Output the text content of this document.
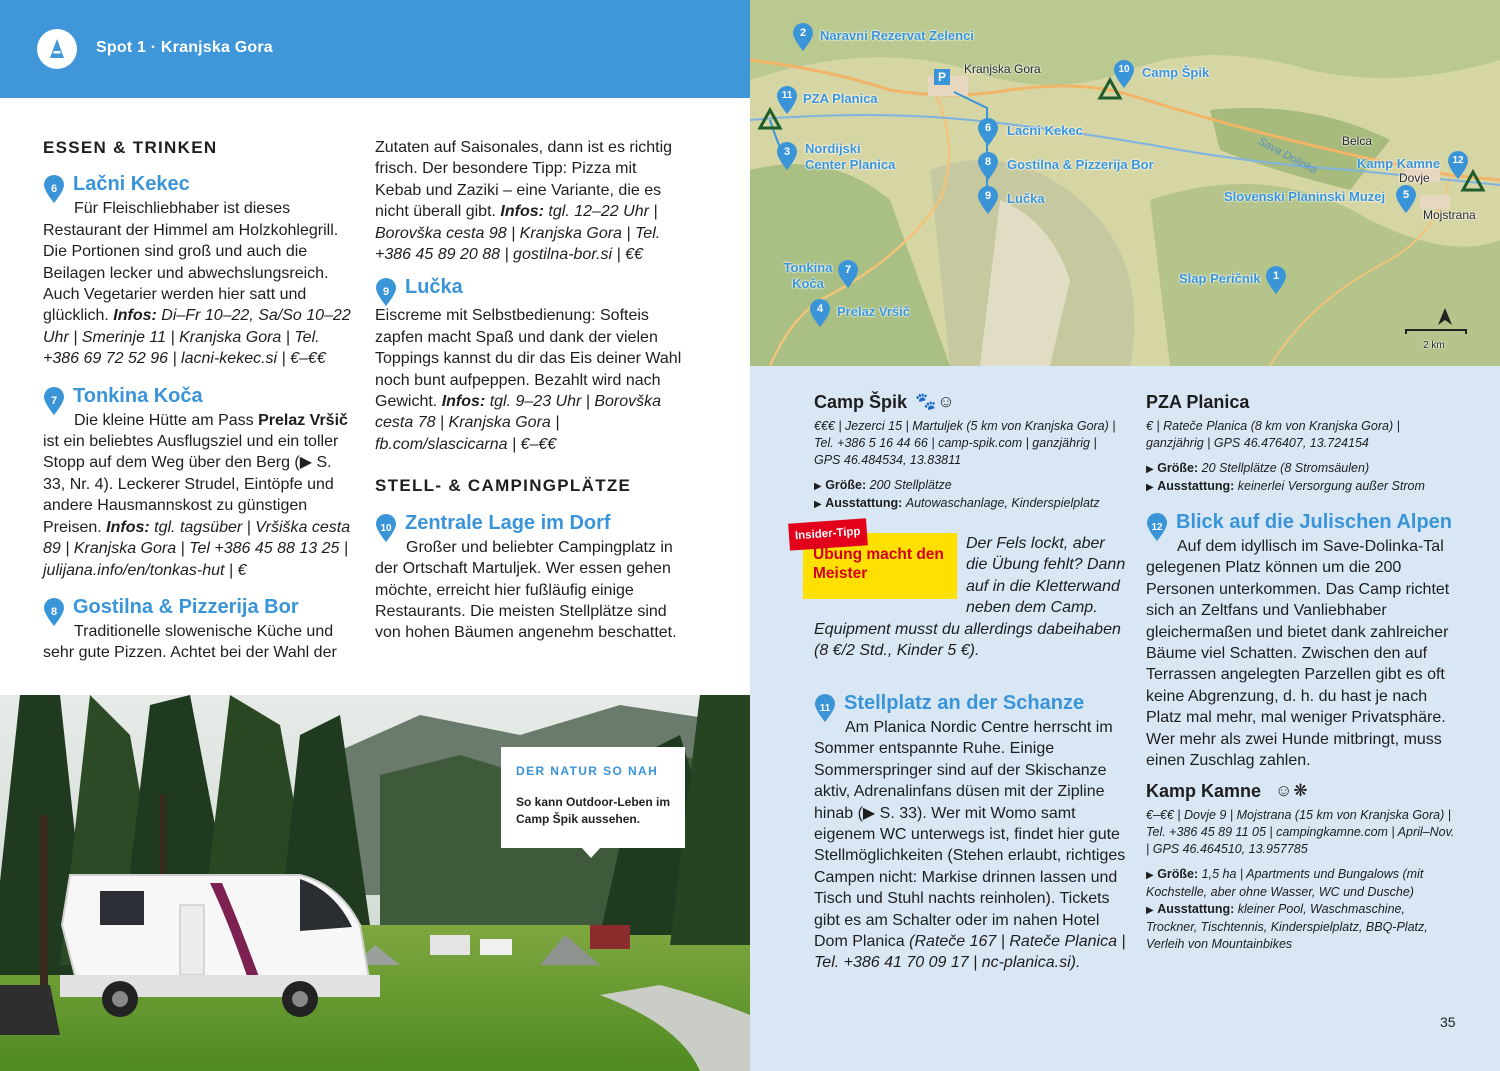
Spot 1 · Kranjska Gora
ESSEN & TRINKEN
6 Lačni Kekec
Für Fleischliebhaber ist dieses Restaurant der Himmel am Holzkohlegrill. Die Portionen sind groß und auch die Beilagen lecker und abwechslungsreich. Auch Vegetarier werden hier satt und glücklich. Infos: Di–Fr 10–22, Sa/So 10–22 Uhr | Smerinje 11 | Kranjska Gora | Tel. +386 69 72 52 96 | lacni-kekec.si | €–€€
7 Tonkina Koča
Die kleine Hütte am Pass Prelaz Vršič ist ein beliebtes Ausflugsziel und ein toller Stopp auf dem Weg über den Berg (▶ S. 33, Nr. 4). Leckerer Strudel, Eintöpfe und andere Hausmannskost zu günstigen Preisen. Infos: tgl. tagsüber | Vršiška cesta 89 | Kranjska Gora | Tel +386 45 88 13 25 | julijana.info/en/tonkas-hut | €
8 Gostilna & Pizzerija Bor
Traditionelle slowenische Küche und sehr gute Pizzen. Achtet bei der Wahl der
Zutaten auf Saisonales, dann ist es richtig frisch. Der besondere Tipp: Pizza mit Kebab und Zaziki – eine Variante, die es nicht überall gibt. Infos: tgl. 12–22 Uhr | Borovška cesta 98 | Kranjska Gora | Tel. +386 45 89 20 88 | gostilna-bor.si | €€
9 Lučka
Eiscreme mit Selbstbedienung: Softeis zapfen macht Spaß und dank der vielen Toppings kannst du dir das Eis deiner Wahl noch bunt aufpeppen. Bezahlt wird nach Gewicht. Infos: tgl. 9–23 Uhr | Borovška cesta 78 | Kranjska Gora | fb.com/slascicarna | €–€€
STELL- & CAMPINGPLÄTZE
10 Zentrale Lage im Dorf
Großer und beliebter Campingplatz in der Ortschaft Martuljek. Wer essen gehen möchte, erreicht hier fußläufig einige Restaurants. Die meisten Stellplätze sind von hohen Bäumen angenehm beschattet.
DER NATUR SO NAH
So kann Outdoor-Leben im Camp Špik aussehen.
P
2	Naravni Rezervat Zelenci
10 Camp Špik
11 PZA Planica
3	Nordijski Center Planica
6	Lačni Kekec
8	Gostilna & Pizzerija Bor
9	Lučka
12
Kamp Kamne
5
Slovenski Planinski Muzej
7
Tonkina Koča
4	Prelaz Vršič
1
Slap Peričnik
Kranjska Gora
Belca
Dovje
Mojstrana
Sava Dolinka
2 km
Camp Špik 🐾☺
€€€ | Jezerci 15 | Martuljek (5 km von Kranjska Gora) | Tel. +386 5 16 44 66 | camp-spik.com | ganzjährig | GPS 46.484534, 13.83811
▶ Größe: 200 Stellplätze
▶ Ausstattung: Autowaschanlage, Kinderspielplatz
Insider-Tipp
Übung macht den Meister
Der Fels lockt, aber die Übung fehlt? Dann auf in die Kletterwand neben dem Camp. Equipment musst du allerdings dabeihaben (8 €/2 Std., Kinder 5 €).
11 Stellplatz an der Schanze
Am Planica Nordic Centre herrscht im Sommer entspannte Ruhe. Einige Sommerspringer sind auf der Skischanze aktiv, Adrenalinfans düsen mit der Zipline hinab (▶ S. 33). Wer mit Womo samt eigenem WC unterwegs ist, findet hier gute Stellmöglichkeiten (Stehen erlaubt, richtiges Campen nicht: Markise drinnen lassen und Tisch und Stuhl nachts reinholen). Tickets gibt es am Schalter oder im nahen Hotel Dom Planica (Rateče 167 | Rateče Planica | Tel. +386 41 70 09 17 | nc-planica.si).
PZA Planica
€ | Rateče Planica (8 km von Kranjska Gora) | ganzjährig | GPS 46.476407, 13.724154
▶ Größe: 20 Stellplätze (8 Stromsäulen)
▶ Ausstattung: keinerlei Versorgung außer Strom
12 Blick auf die Julischen Alpen
Auf dem idyllisch im Save-Dolinka-Tal gelegenen Platz können um die 200 Personen unterkommen. Das Camp richtet sich an Zeltfans und Vanliebhaber gleichermaßen und bietet dank zahlreicher Bäume viel Schatten. Zwischen den auf Terrassen angelegten Parzellen gibt es oft keine Abgrenzung, d. h. du hast je nach Platz mal mehr, mal weniger Privatsphäre. Wer mehr als zwei Hunde mitbringt, muss einen Zuschlag zahlen.
Kamp Kamne ☺❋
€–€€ | Dovje 9 | Mojstrana (15 km von Kranjska Gora) | Tel. +386 45 89 11 05 | campingkamne.com | April–Nov. | GPS 46.464510, 13.957785
▶ Größe: 1,5 ha | Apartments und Bungalows (mit Kochstelle, aber ohne Wasser, WC und Dusche)
▶ Ausstattung: kleiner Pool, Waschmaschine, Trockner, Tischtennis, Kinderspielplatz, BBQ-Platz, Verleih von Mountainbikes
35
